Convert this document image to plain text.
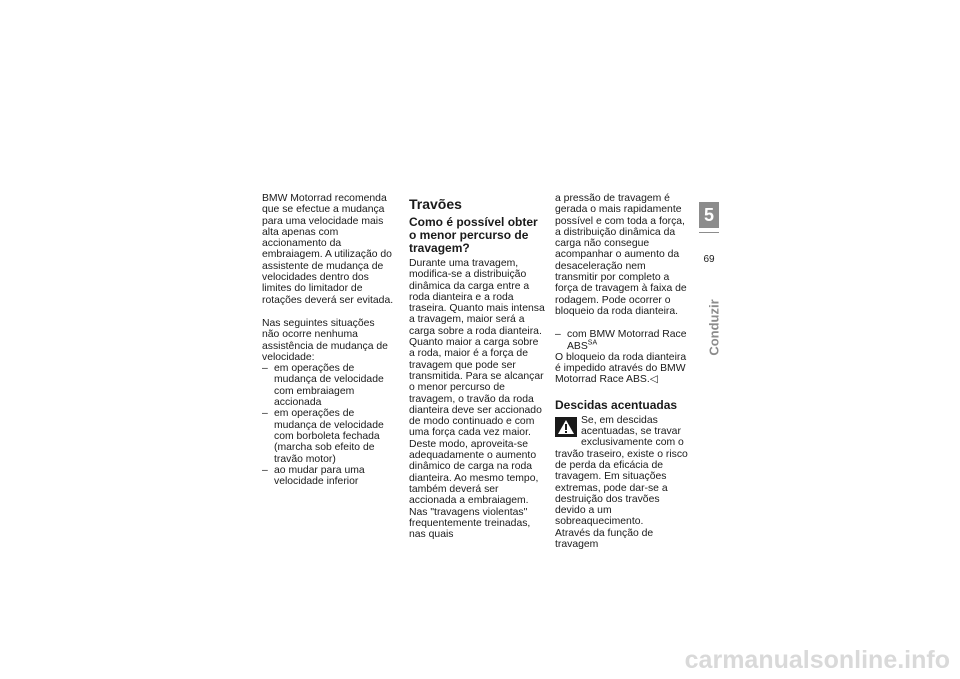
BMW Motorrad recomenda que se efectue a mudança para uma velocidade mais alta apenas com accionamento da embraiagem. A utilização do assistente de mudança de velocidades dentro dos limites do limitador de rotações deverá ser evitada.

Nas seguintes situações não ocorre nenhuma assistência de mudança de velocidade:

– em operações de mudança de velocidade com embraiagem accionada

– em operações de mudança de velocidade com borboleta fechada (marcha sob efeito de travão motor)

– ao mudar para uma velocidade inferior

Travões
Como é possível obter o menor percurso de travagem?

Durante uma travagem, modifica-se a distribuição dinâmica da carga entre a roda dianteira e a roda traseira. Quanto mais intensa a travagem, maior será a carga sobre a roda dianteira. Quanto maior a carga sobre a roda, maior é a força de travagem que pode ser transmitida. Para se alcançar o menor percurso de travagem, o travão da roda dianteira deve ser accionado de modo continuado e com uma força cada vez maior. Deste modo, aproveita-se adequadamente o aumento dinâmico de carga na roda dianteira. Ao mesmo tempo, também deverá ser accionada a embraiagem. Nas "travagens violentas" frequentemente treinadas, nas quais

a pressão de travagem é gerada o mais rapidamente possível e com toda a força, a distribuição dinâmica da carga não consegue acompanhar o aumento da desaceleração nem transmitir por completo a força de travagem à faixa de rodagem. Pode ocorrer o bloqueio da roda dianteira.

– com BMW Motorrad Race $ABS^{SA}$

O bloqueio da roda dianteira é impedido através do BMW Motorrad Race ABS.◁

Descidas acentuadas

Se, em descidas acentuadas, se travar exclusivamente com o travão traseiro, existe o risco de perda da eficácia de travagem. Em situações extremas, pode dar-se a destruição dos travões devido a um sobreaquecimento.

Através da função de travagem

5
69
Conduzir
carmanualsonline.info
